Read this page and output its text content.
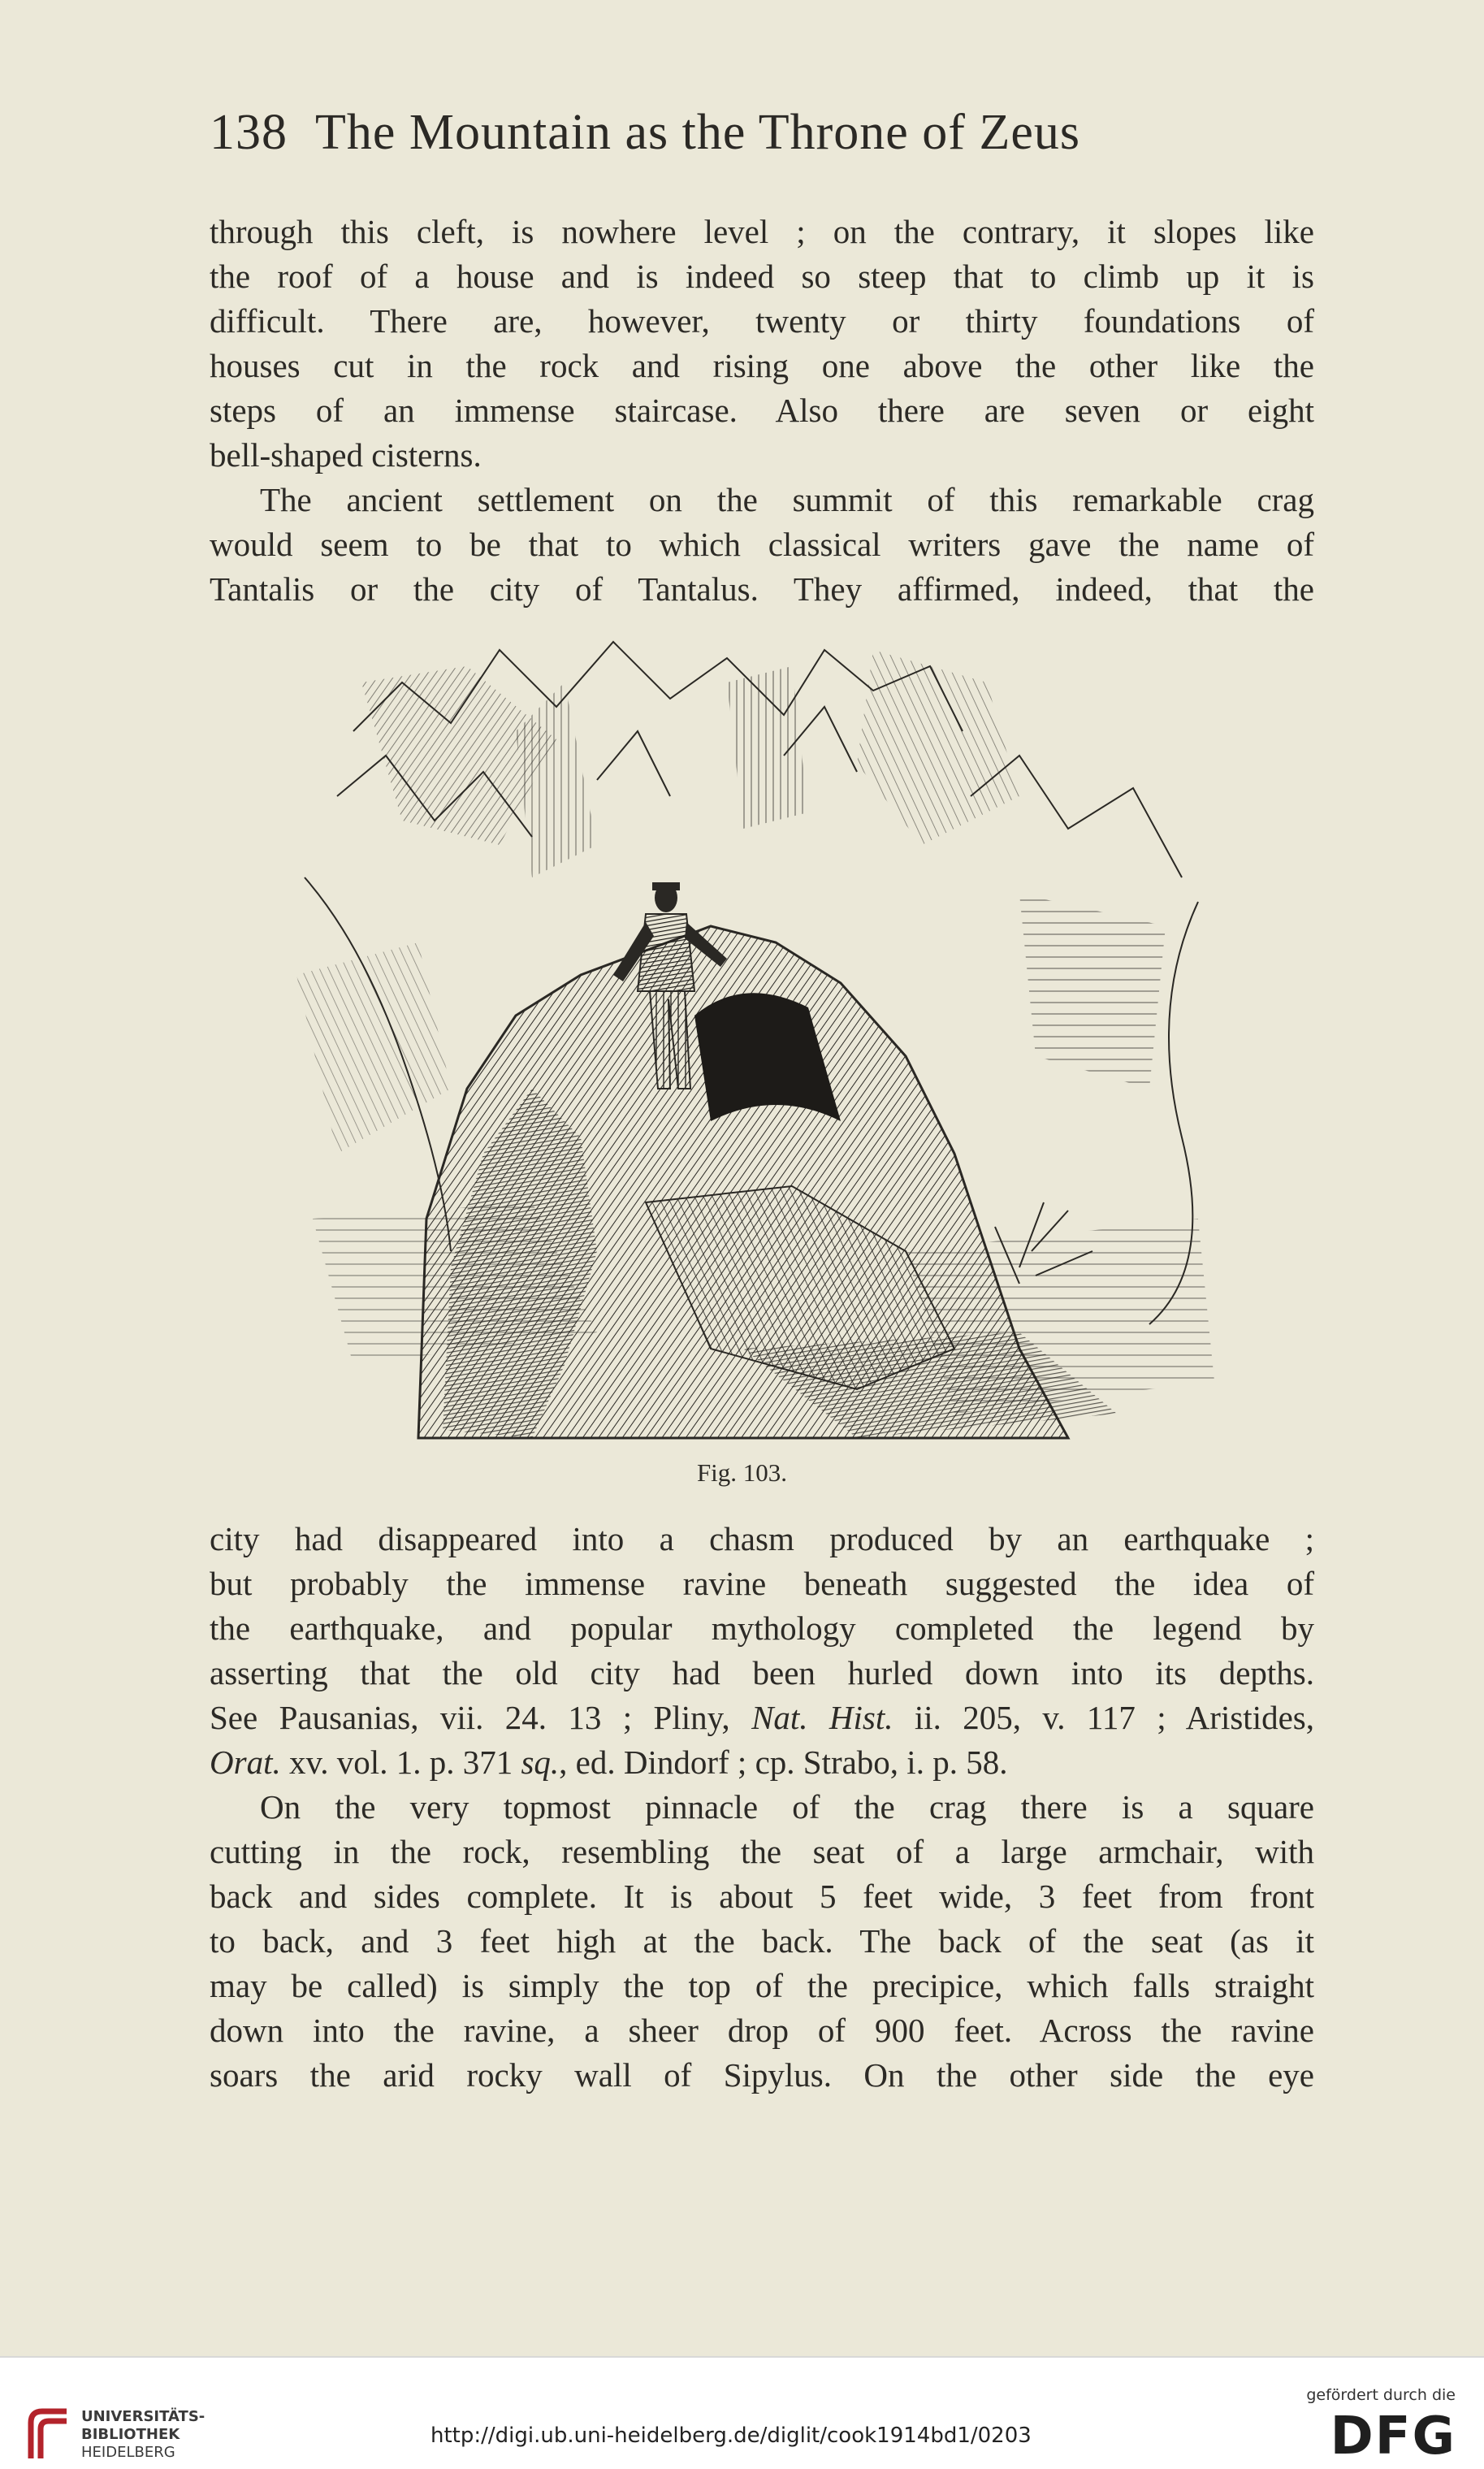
138 The Mountain as the Throne of Zeus
through this cleft, is nowhere level ; on the contrary, it slopes like
the roof of a house and is indeed so steep that to climb up it is
difficult. There are, however, twenty or thirty foundations of
houses cut in the rock and rising one above the other like the
steps of an immense staircase. Also there are seven or eight
bell-shaped cisterns.
The ancient settlement on the summit of this remarkable crag
would seem to be that to which classical writers gave the name of
Tantalis or the city of Tantalus. They affirmed, indeed, that the
Fig. 103.
city had disappeared into a chasm produced by an earthquake ;
but probably the immense ravine beneath suggested the idea of
the earthquake, and popular mythology completed the legend by
asserting that the old city had been hurled down into its depths.
See Pausanias, vii. 24. 13 ; Pliny, Nat. Hist. ii. 205, v. 117 ; Aristides,
Orat. xv. vol. 1. p. 371 sq., ed. Dindorf ; cp. Strabo, i. p. 58.
On the very topmost pinnacle of the crag there is a square
cutting in the rock, resembling the seat of a large armchair, with
back and sides complete. It is about 5 feet wide, 3 feet from front
to back, and 3 feet high at the back. The back of the seat (as it
may be called) is simply the top of the precipice, which falls straight
down into the ravine, a sheer drop of 900 feet. Across the ravine
soars the arid rocky wall of Sipylus. On the other side the eye
UNIVERSITÄTS-
BIBLIOTHEK
HEIDELBERG
http://digi.ub.uni-heidelberg.de/diglit/cook1914bd1/0203
gefördert durch die
DFG
